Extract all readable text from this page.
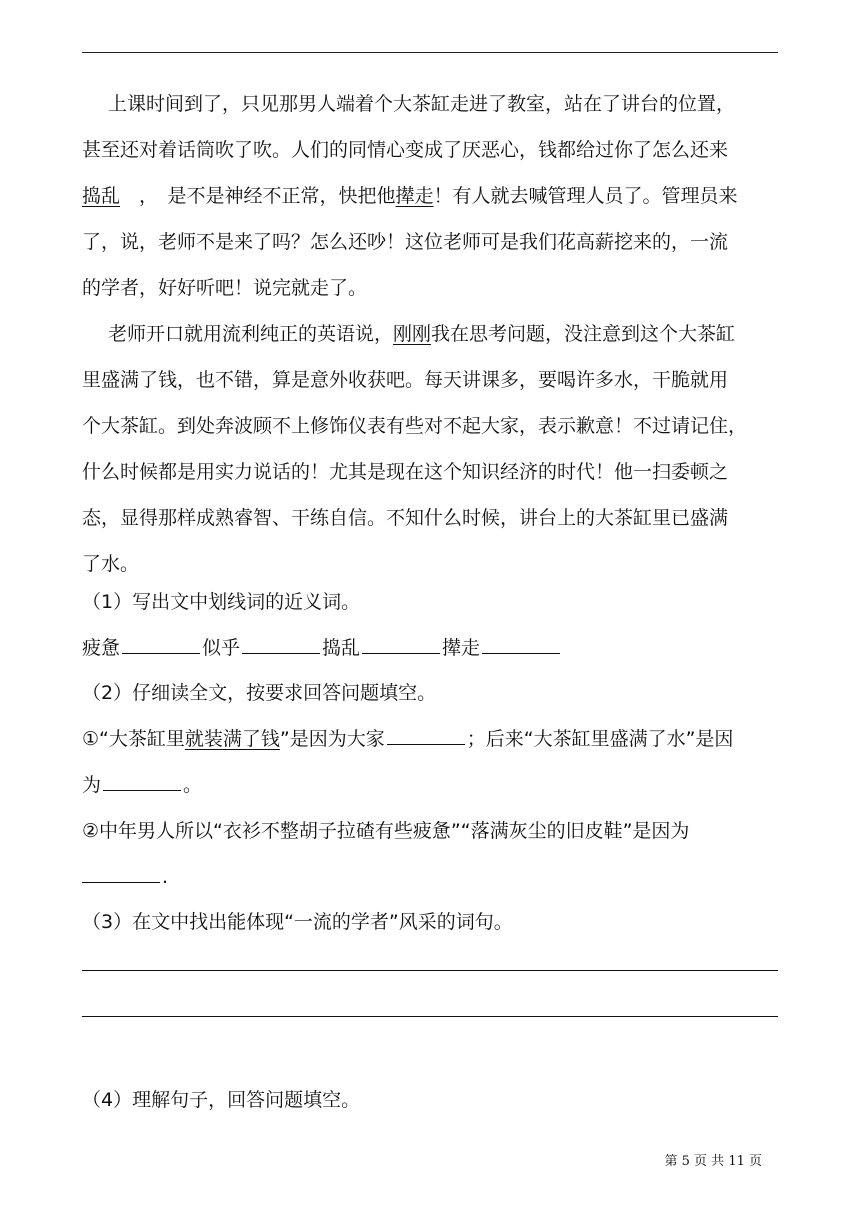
上课时间到了，只见那男人端着个大茶缸走进了教室，站在了讲台的位置，
甚至还对着话筒吹了吹。人们的同情心变成了厌恶心，钱都给过你了怎么还来
捣乱　，　是不是神经不正常，快把他撵走！有人就去喊管理人员了。管理员来
了，说，老师不是来了吗？怎么还吵！这位老师可是我们花高薪挖来的，一流
的学者，好好听吧！说完就走了。
老师开口就用流利纯正的英语说，刚刚我在思考问题，没注意到这个大茶缸
里盛满了钱，也不错，算是意外收获吧。每天讲课多，要喝许多水，干脆就用
个大茶缸。到处奔波顾不上修饰仪表有些对不起大家，表示歉意！不过请记住，
什么时候都是用实力说话的！尤其是现在这个知识经济的时代！他一扫委顿之
态，显得那样成熟睿智、干练自信。不知什么时候，讲台上的大茶缸里已盛满
了水。
（1）写出文中划线词的近义词。
疲惫	似乎	捣乱	撵走
（2）仔细读全文，按要求回答问题填空。
①“大茶缸里就装满了钱”是因为大家	；后来“大茶缸里盛满了水”是因
为	。
②中年男人所以“衣衫不整胡子拉碴有些疲惫”“落满灰尘的旧皮鞋”是因为
.
（3）在文中找出能体现“一流的学者”风采的词句。
（4）理解句子，回答问题填空。
第 5 页 共 11 页
